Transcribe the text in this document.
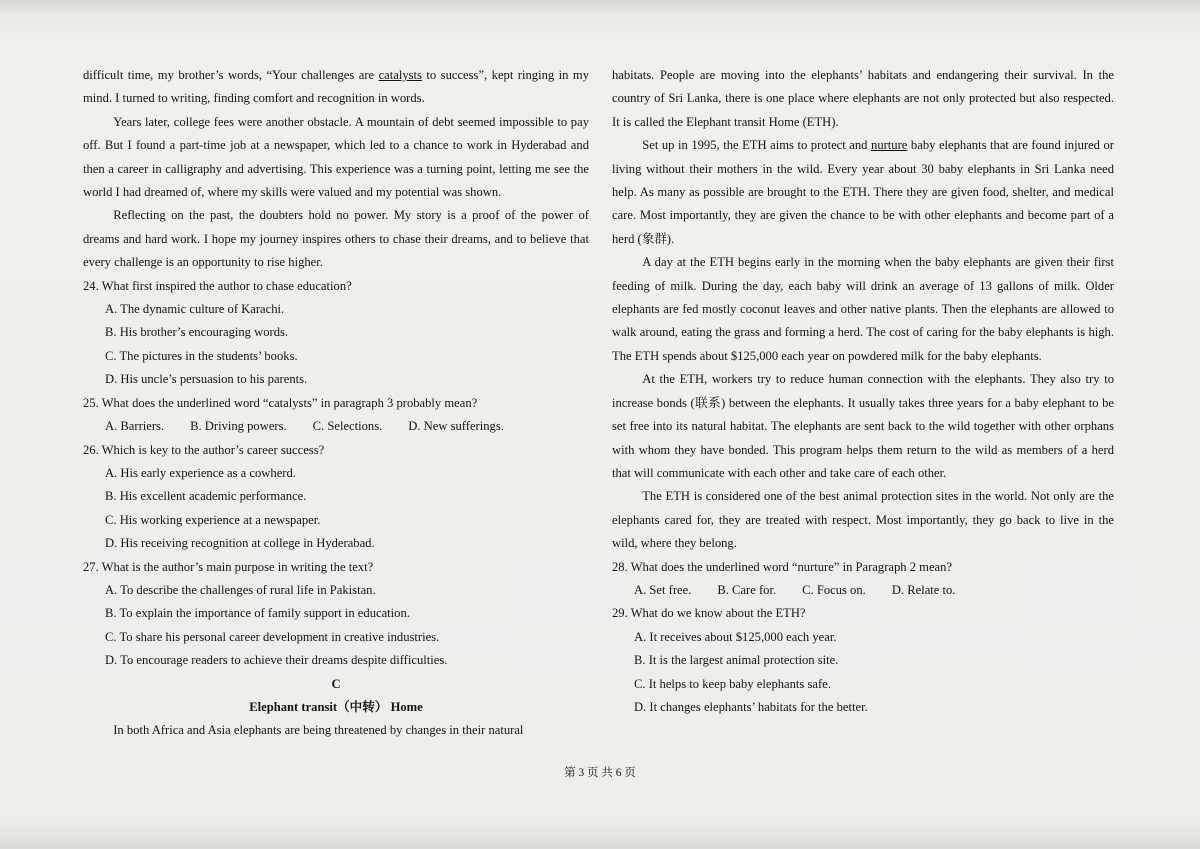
difficult time, my brother’s words, “Your challenges are catalysts to success”, kept ringing in my mind. I turned to writing, finding comfort and recognition in words.

Years later, college fees were another obstacle. A mountain of debt seemed impossible to pay off. But I found a part-time job at a newspaper, which led to a chance to work in Hyderabad and then a career in calligraphy and advertising. This experience was a turning point, letting me see the world I had dreamed of, where my skills were valued and my potential was shown.

Reflecting on the past, the doubters hold no power. My story is a proof of the power of dreams and hard work. I hope my journey inspires others to chase their dreams, and to believe that every challenge is an opportunity to rise higher.

24. What first inspired the author to chase education?
A. The dynamic culture of Karachi.
B. His brother’s encouraging words.
C. The pictures in the students’ books.
D. His uncle’s persuasion to his parents.
25. What does the underlined word “catalysts” in paragraph 3 probably mean?
A. Barriers. B. Driving powers. C. Selections. D. New sufferings.
26. Which is key to the author’s career success?
A. His early experience as a cowherd.
B. His excellent academic performance.
C. His working experience at a newspaper.
D. His receiving recognition at college in Hyderabad.
27. What is the author’s main purpose in writing the text?
A. To describe the challenges of rural life in Pakistan.
B. To explain the importance of family support in education.
C. To share his personal career development in creative industries.
D. To encourage readers to achieve their dreams despite difficulties.
C
Elephant transit（中转） Home

In both Africa and Asia elephants are being threatened by changes in their natural

habitats. People are moving into the elephants’ habitats and endangering their survival. In the country of Sri Lanka, there is one place where elephants are not only protected but also respected. It is called the Elephant transit Home (ETH).

Set up in 1995, the ETH aims to protect and nurture baby elephants that are found injured or living without their mothers in the wild. Every year about 30 baby elephants in Sri Lanka need help. As many as possible are brought to the ETH. There they are given food, shelter, and medical care. Most importantly, they are given the chance to be with other elephants and become part of a herd (象群).

A day at the ETH begins early in the morning when the baby elephants are given their first feeding of milk. During the day, each baby will drink an average of 13 gallons of milk. Older elephants are fed mostly coconut leaves and other native plants. Then the elephants are allowed to walk around, eating the grass and forming a herd. The cost of caring for the baby elephants is high. The ETH spends about $125,000 each year on powdered milk for the baby elephants.

At the ETH, workers try to reduce human connection with the elephants. They also try to increase bonds (联系) between the elephants. It usually takes three years for a baby elephant to be set free into its natural habitat. The elephants are sent back to the wild together with other orphans with whom they have bonded. This program helps them return to the wild as members of a herd that will communicate with each other and take care of each other.

The ETH is considered one of the best animal protection sites in the world. Not only are the elephants cared for, they are treated with respect. Most importantly, they go back to live in the wild, where they belong.

28. What does the underlined word “nurture” in Paragraph 2 mean?
A. Set free. B. Care for. C. Focus on. D. Relate to.
29. What do we know about the ETH?
A. It receives about $125,000 each year.
B. It is the largest animal protection site.
C. It helps to keep baby elephants safe.
D. It changes elephants’ habitats for the better.
第 3 页 共 6 页
